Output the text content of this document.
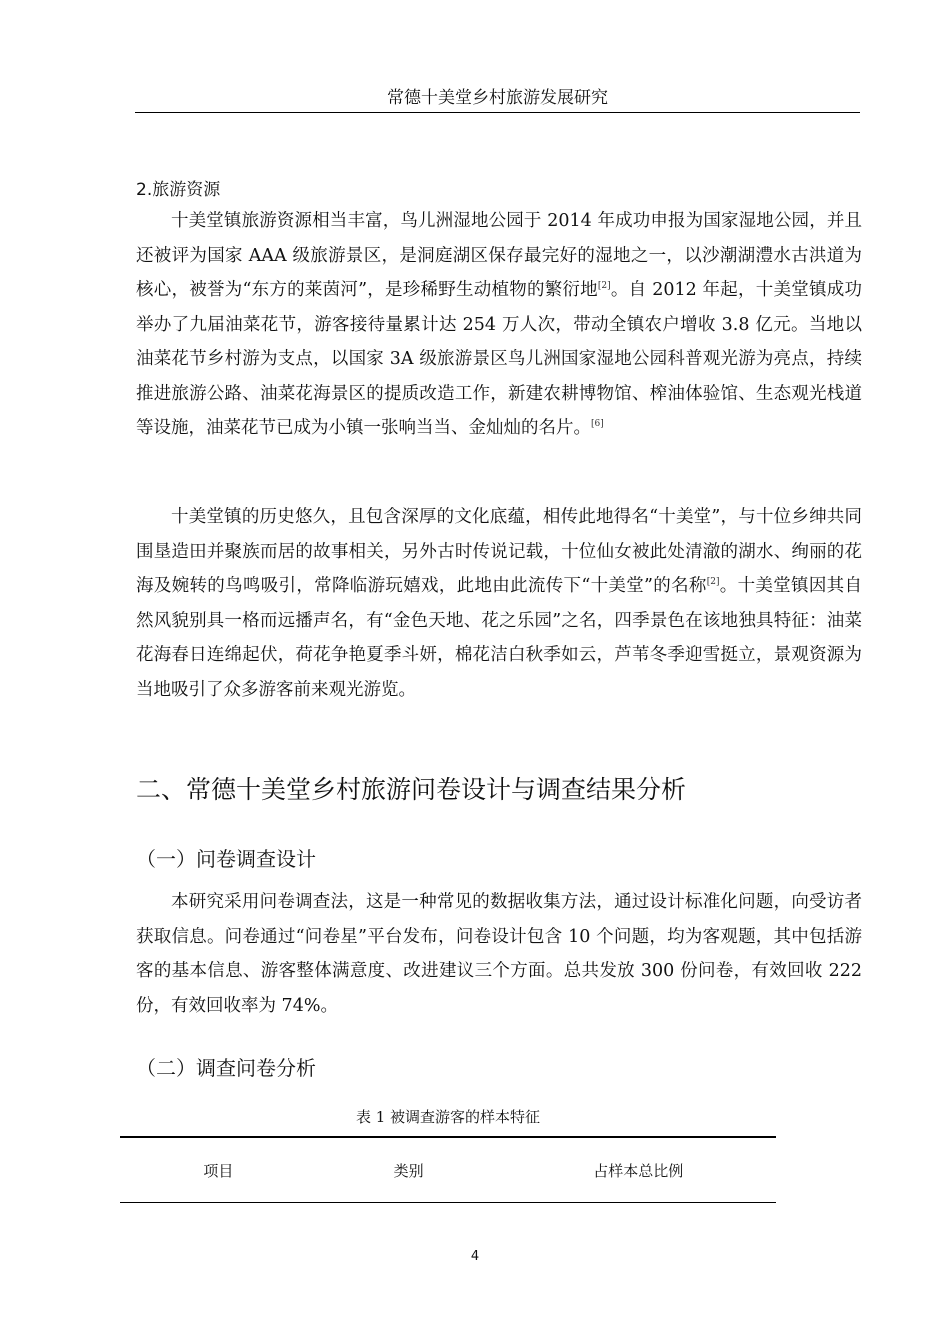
常德十美堂乡村旅游发展研究
2.旅游资源

十美堂镇旅游资源相当丰富，鸟儿洲湿地公园于 2014 年成功申报为国家湿地公园，并且还被评为国家 AAA 级旅游景区，是洞庭湖区保存最完好的湿地之一，以沙潮湖澧水古洪道为核心，被誉为“东方的莱茵河”，是珍稀野生动植物的繁衍地[2]。自 2012 年起，十美堂镇成功举办了九届油菜花节，游客接待量累计达 254 万人次，带动全镇农户增收 3.8 亿元。当地以油菜花节乡村游为支点，以国家 3A 级旅游景区鸟儿洲国家湿地公园科普观光游为亮点，持续推进旅游公路、油菜花海景区的提质改造工作，新建农耕博物馆、榨油体验馆、生态观光栈道等设施，油菜花节已成为小镇一张响当当、金灿灿的名片。[6]

十美堂镇的历史悠久，且包含深厚的文化底蕴，相传此地得名“十美堂”，与十位乡绅共同围垦造田并聚族而居的故事相关，另外古时传说记载，十位仙女被此处清澈的湖水、绚丽的花海及婉转的鸟鸣吸引，常降临游玩嬉戏，此地由此流传下“十美堂”的名称[2]。十美堂镇因其自然风貌别具一格而远播声名，有“金色天地、花之乐园”之名，四季景色在该地独具特征：油菜花海春日连绵起伏，荷花争艳夏季斗妍，棉花洁白秋季如云，芦苇冬季迎雪挺立，景观资源为当地吸引了众多游客前来观光游览。

二、常德十美堂乡村旅游问卷设计与调查结果分析
（一）问卷调查设计

本研究采用问卷调查法，这是一种常见的数据收集方法，通过设计标准化问题，向受访者获取信息。问卷通过“问卷星”平台发布，问卷设计包含 10 个问题，均为客观题，其中包括游客的基本信息、游客整体满意度、改进建议三个方面。总共发放 300 份问卷，有效回收 222 份，有效回收率为 74%。

（二）调查问卷分析
表 1 被调查游客的样本特征
项目	类别	占样本总比例
4
